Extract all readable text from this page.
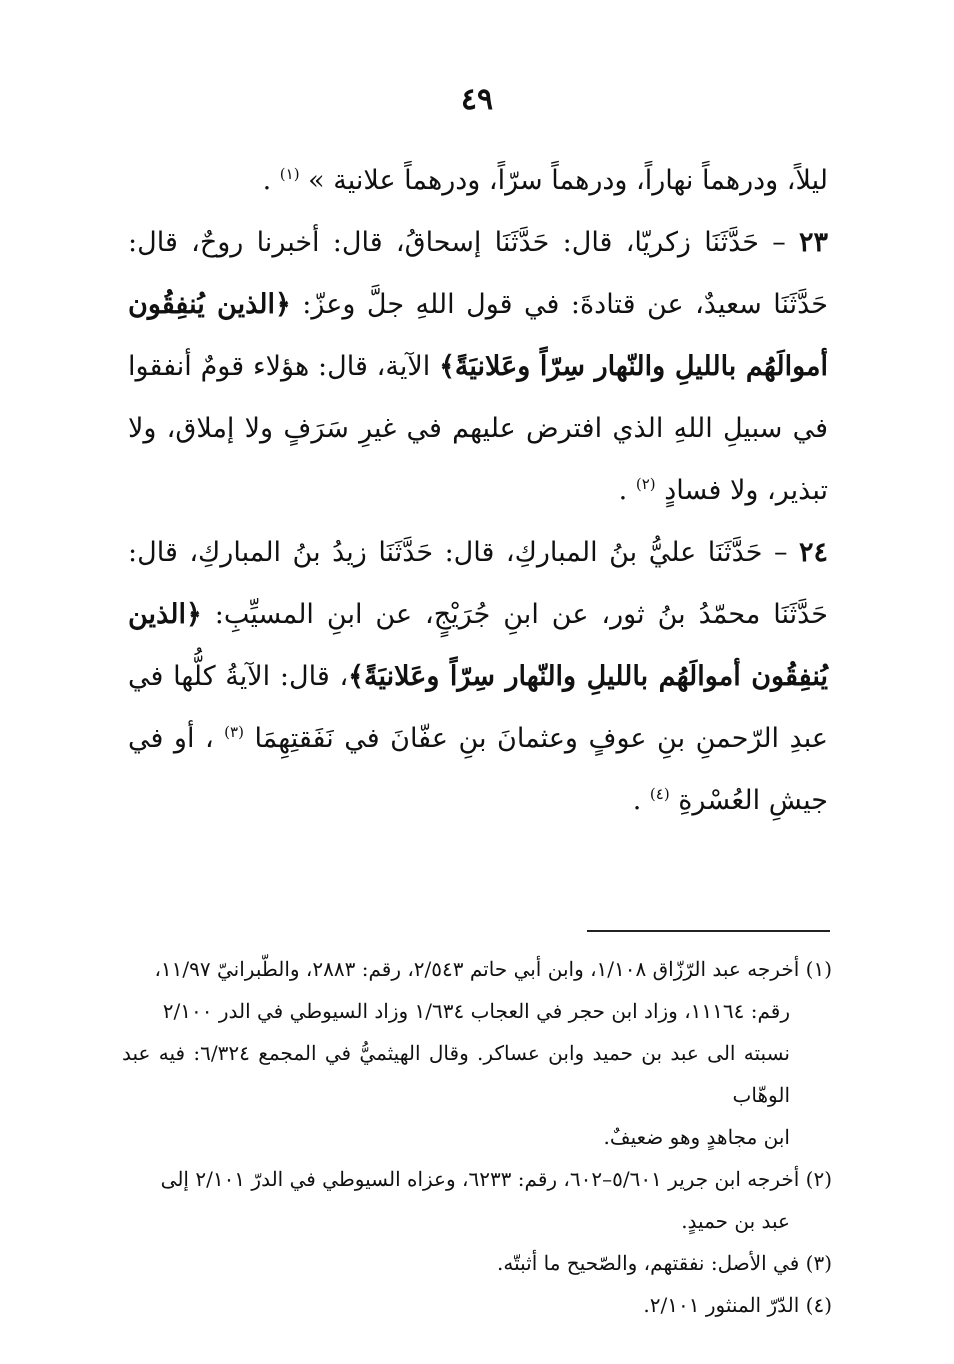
٤٩

ليلاً، ودرهماً نهاراً، ودرهماً سرّاً، ودرهماً علانية » $^{(١)}$ .

٢٣ – حَدَّثَنَا زكريّا، قال: حَدَّثَنَا إسحاقُ، قال: أخبرنا روحٌ، قال: حَدَّثَنَا سعيدٌ، عن قتادةَ: في قول اللهِ جلَّ وعزّ: ﴿الذين يُنفِقُون أموالَهُم بالليلِ والنّهار سِرّاً وعَلانيَةً﴾ الآية، قال: هؤلاء قومٌ أنفقوا في سبيلِ اللهِ الذي افترض عليهم في غيرِ سَرَفٍ ولا إملاق، ولا تبذير، ولا فسادٍ $^{(٢)}$ .

٢٤ – حَدَّثَنَا عليُّ بنُ المباركِ، قال: حَدَّثَنَا زيدُ بنُ المباركِ، قال: حَدَّثَنَا محمّدُ بنُ ثور، عن ابنِ جُرَيْجٍ، عن ابنِ المسيِّبِ: ﴿الذين يُنفِقُون أموالَهُم بالليلِ والنّهار سِرّاً وعَلانيَةً﴾، قال: الآيةُ كلُّها في عبدِ الرّحمنِ بنِ عوفٍ وعثمانَ بنِ عفّانَ في نَفَقتِهِمَا $^{(٣)}$ ، أو في جيشِ العُسْرةِ $^{(٤)}$ .

(١) أخرجه عبد الرّزّاق ١/١٠٨، وابن أبي حاتم ٢/٥٤٣، رقم: ٢٨٨٣، والطّبرانيّ ١١/٩٧،

رقم: ١١١٦٤، وزاد ابن حجر في العجاب ١/٦٣٤ وزاد السيوطي في الدر ٢/١٠٠

نسبته الى عبد بن حميد وابن عساكر. وقال الهيثميُّ في المجمع ٦/٣٢٤: فيه عبد الوهّاب

ابن مجاهدٍ وهو ضعيفٌ.

(٢) أخرجه ابن جرير ٥/٦٠١–٦٠٢، رقم: ٦٢٣٣، وعزاه السيوطي في الدرّ ٢/١٠١ إلى

عبد بن حميدٍ.

(٣) في الأصل: نفقتهم، والصّحيح ما أثبتّه.

(٤) الدّرّ المنثور ٢/١٠١.
